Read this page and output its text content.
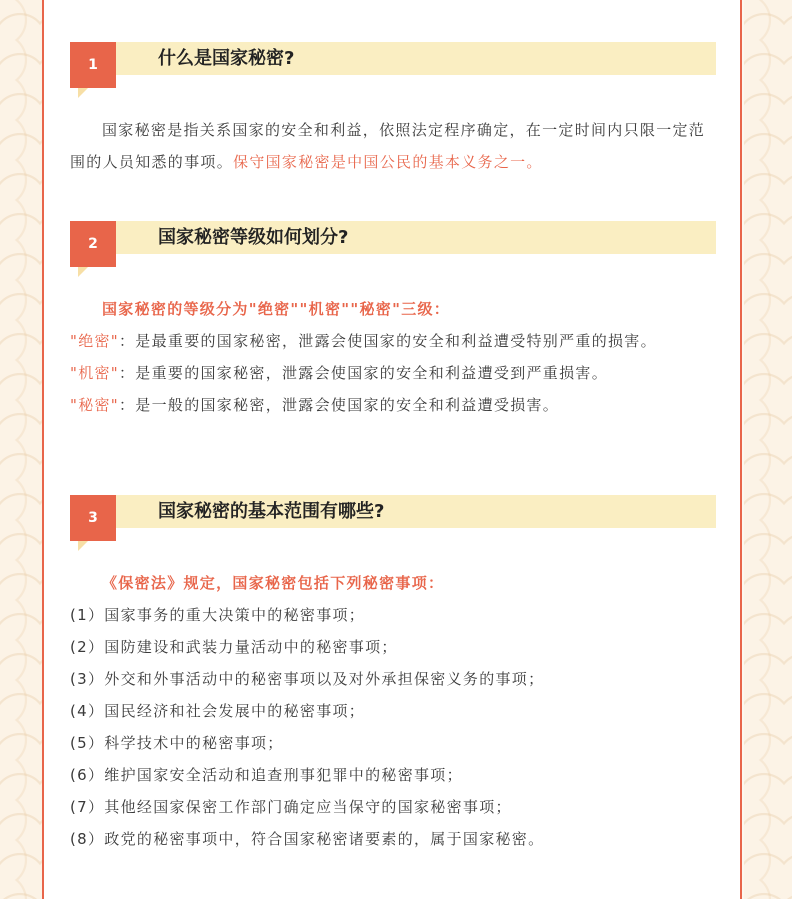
1	什么是国家秘密?
国家秘密是指关系国家的安全和利益，依照法定程序确定，在一定时间内只限一定范围的人员知悉的事项。保守国家秘密是中国公民的基本义务之一。
2	国家秘密等级如何划分?

国家秘密的等级分为"绝密""机密""秘密"三级：

"绝密"：是最重要的国家秘密，泄露会使国家的安全和利益遭受特别严重的损害。

"机密"：是重要的国家秘密，泄露会使国家的安全和利益遭受到严重损害。

"秘密"：是一般的国家秘密，泄露会使国家的安全和利益遭受损害。

3	国家秘密的基本范围有哪些?

《保密法》规定，国家秘密包括下列秘密事项：

(1）国家事务的重大决策中的秘密事项；

(2）国防建设和武装力量活动中的秘密事项；

(3）外交和外事活动中的秘密事项以及对外承担保密义务的事项；

(4）国民经济和社会发展中的秘密事项；

(5）科学技术中的秘密事项；

(6）维护国家安全活动和追查刑事犯罪中的秘密事项；

(7）其他经国家保密工作部门确定应当保守的国家秘密事项；

(8）政党的秘密事项中，符合国家秘密诸要素的，属于国家秘密。
